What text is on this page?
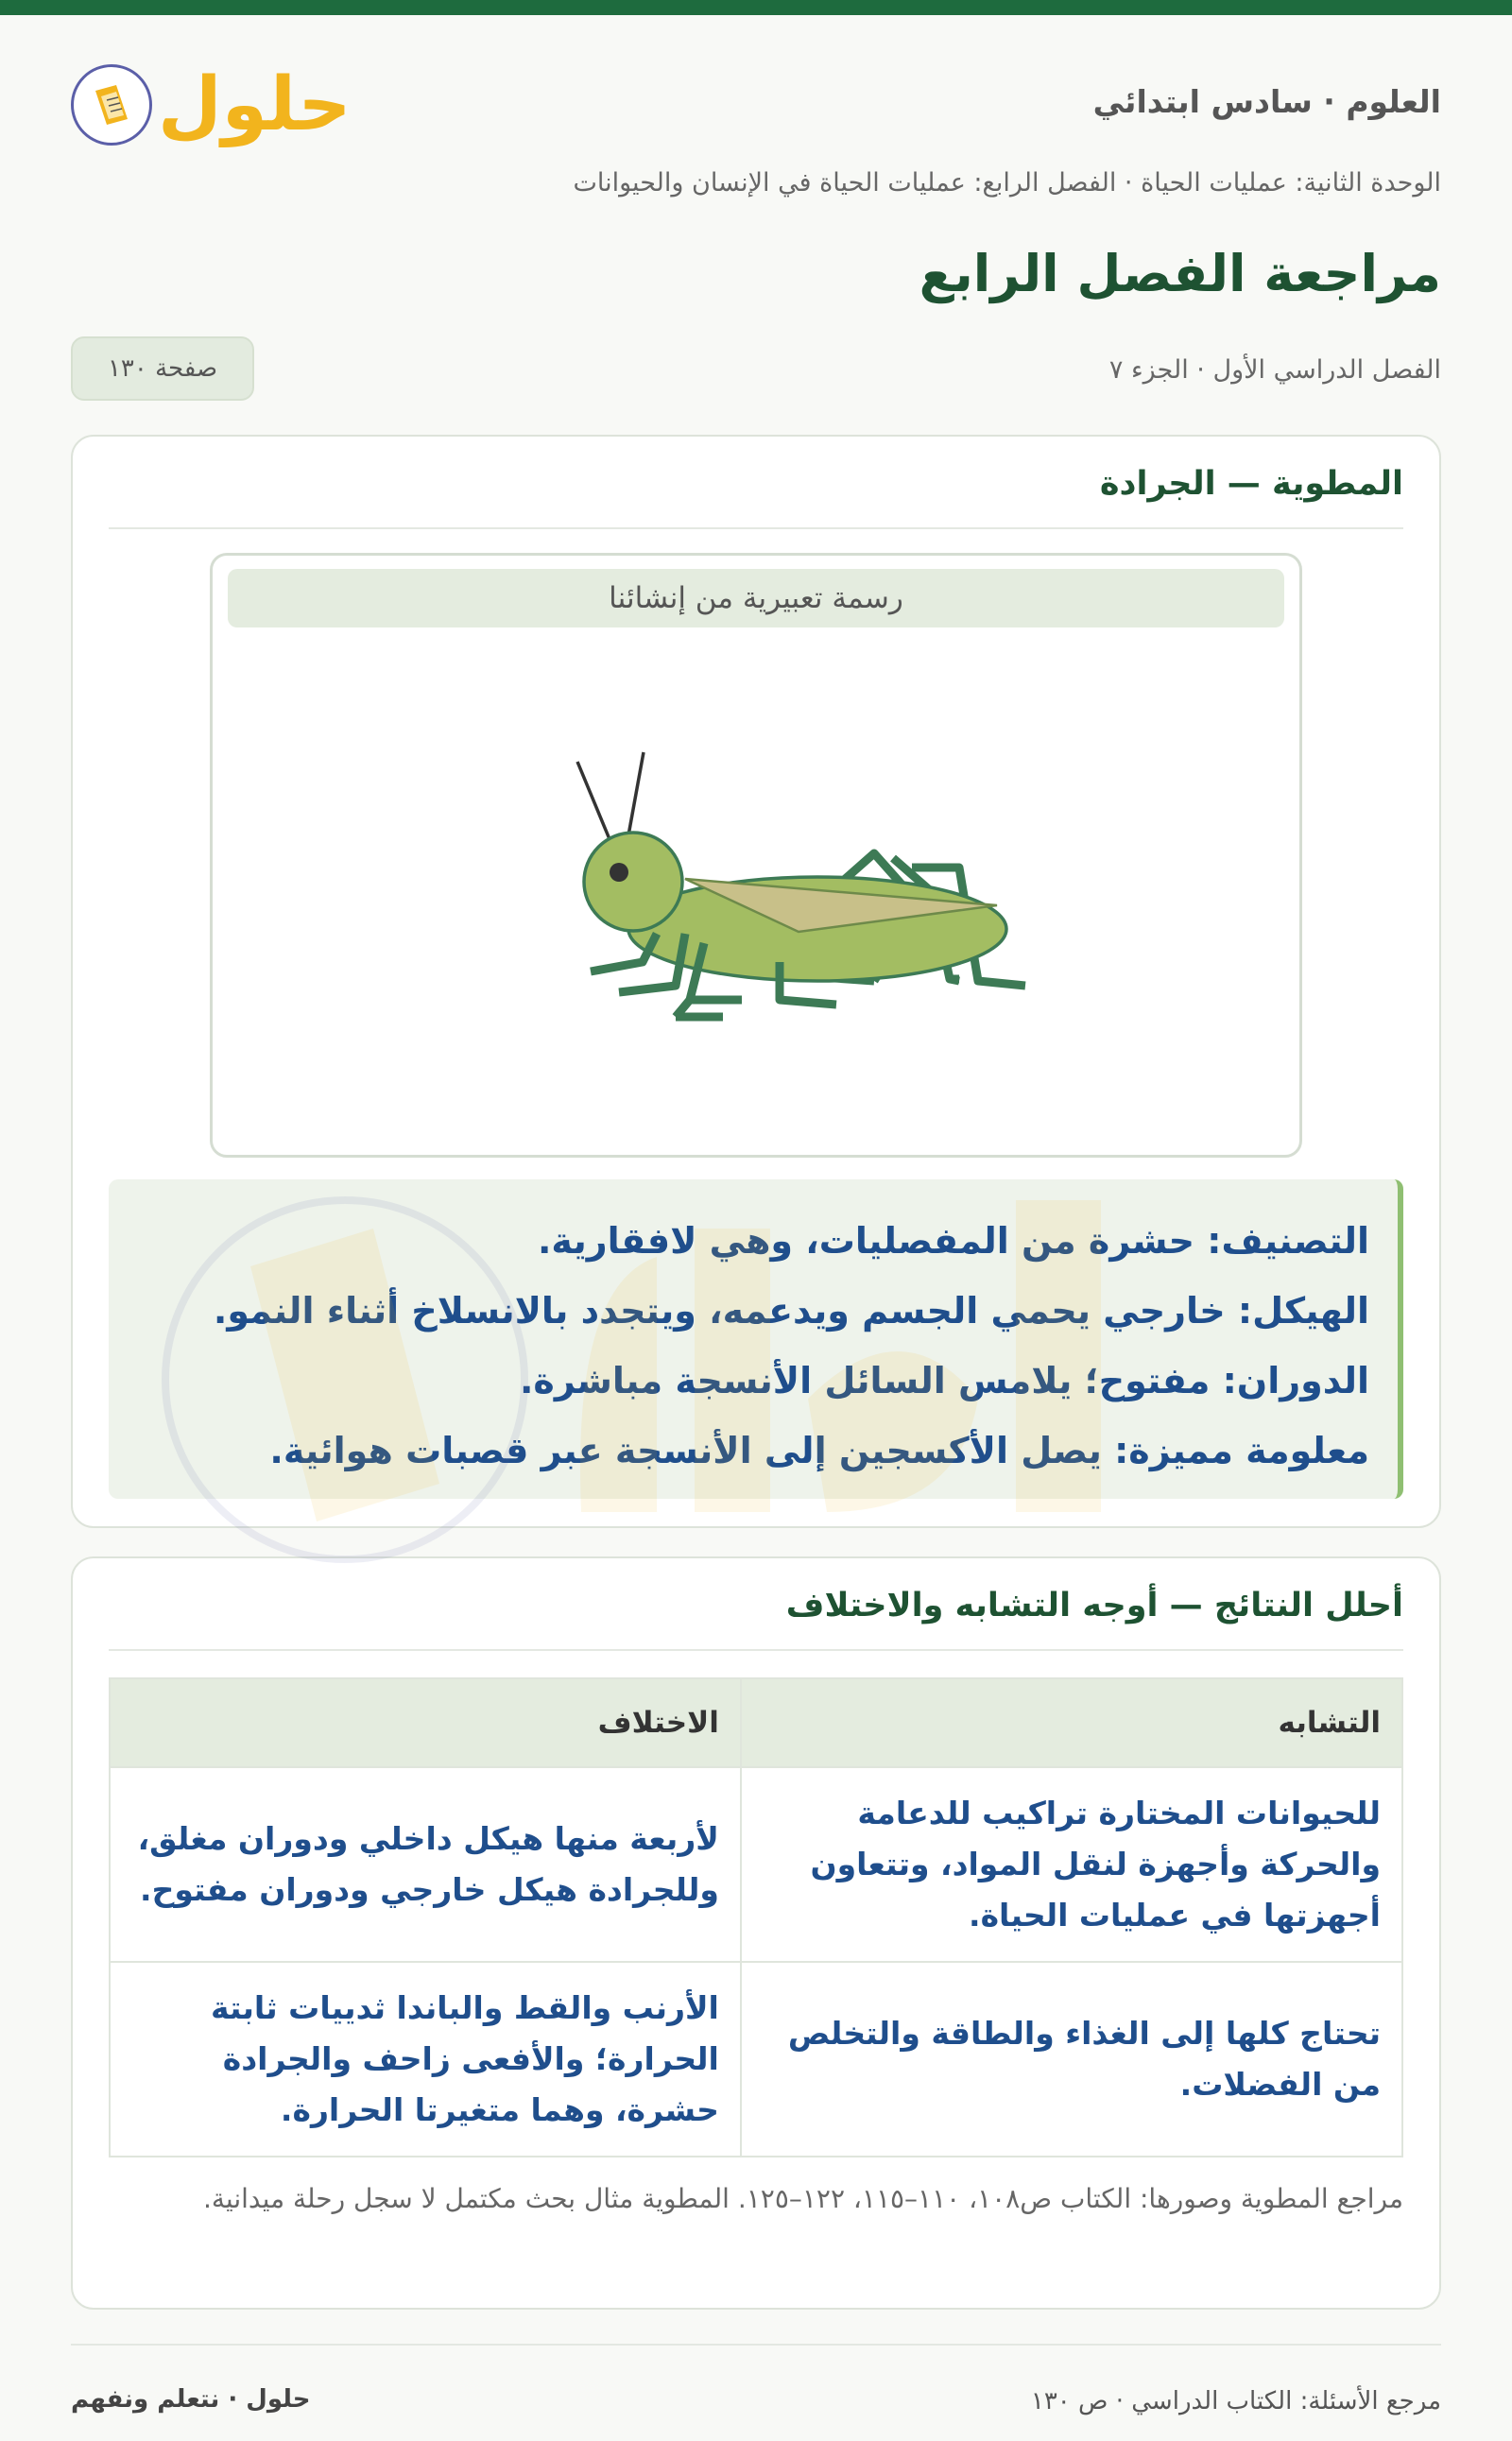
حلول	العلوم · سادس ابتدائي
الوحدة الثانية: عمليات الحياة · الفصل الرابع: عمليات الحياة في الإنسان والحيوانات
مراجعة الفصل الرابع
الفصل الدراسي الأول · الجزء ٧
صفحة ١٣٠
المطوية — الجرادة
رسمة تعبيرية من إنشائنا

التصنيف: حشرة من المفصليات، وهي لافقارية.

الهيكل: خارجي يحمي الجسم ويدعمه، ويتجدد بالانسلاخ أثناء النمو.

الدوران: مفتوح؛ يلامس السائل الأنسجة مباشرة.

معلومة مميزة: يصل الأكسجين إلى الأنسجة عبر قصبات هوائية.

أحلل النتائج — أوجه التشابه والاختلاف
التشابه	الاختلاف
للحيوانات المختارة تراكيب للدعامة والحركة وأجهزة لنقل المواد، وتتعاون أجهزتها في عمليات الحياة.	لأربعة منها هيكل داخلي ودوران مغلق، وللجرادة هيكل خارجي ودوران مفتوح.
تحتاج كلها إلى الغذاء والطاقة والتخلص من الفضلات.	الأرنب والقط والباندا ثدييات ثابتة الحرارة؛ والأفعى زاحف والجرادة حشرة، وهما متغيرتا الحرارة.

مراجع المطوية وصورها: الكتاب ص١٠٨، ١١٠–١١٥، ١٢٢–١٢٥. المطوية مثال بحث مكتمل لا سجل رحلة ميدانية.

مرجع الأسئلة: الكتاب الدراسي · ص ١٣٠
حلول · نتعلم ونفهم
